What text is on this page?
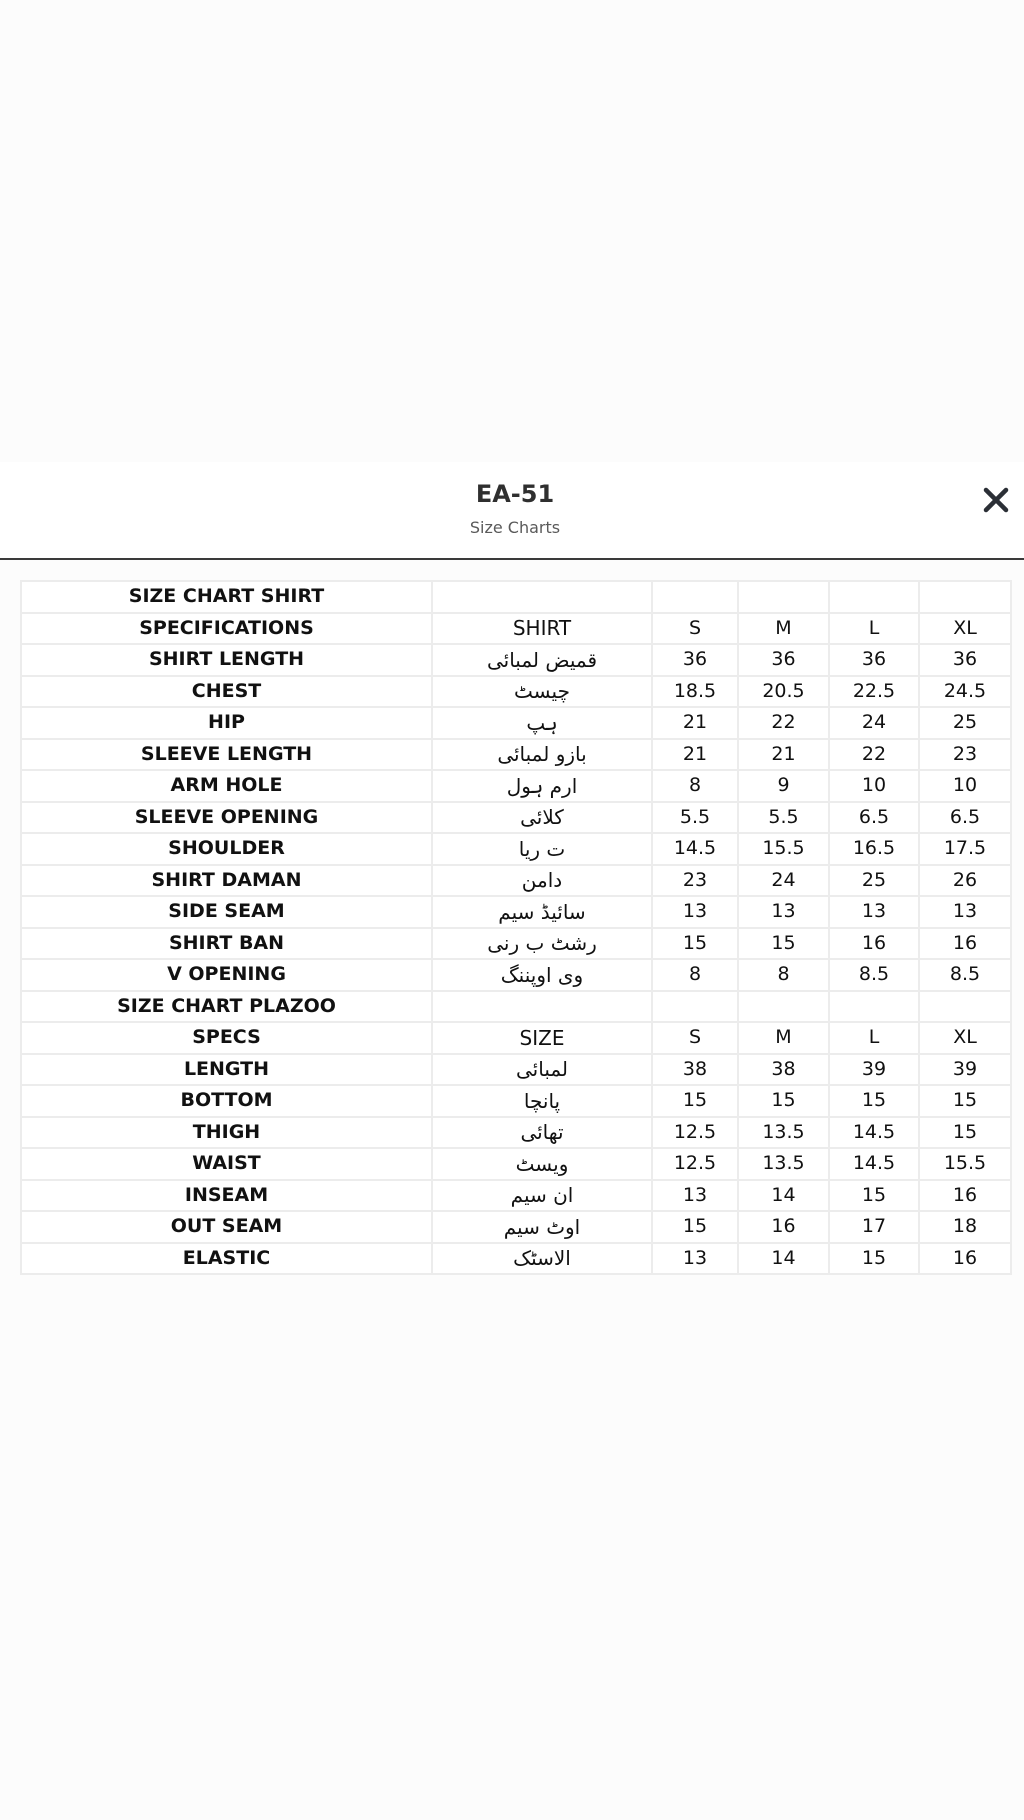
EA-51
Size Charts
SIZE CHART SHIRT					
SPECIFICATIONS	SHIRT	S	M	L	XL
SHIRT LENGTH	قمیض لمبائی	36	36	36	36
CHEST	چیسٹ	18.5	20.5	22.5	24.5
HIP	ہپ	21	22	24	25
SLEEVE LENGTH	بازو لمبائی	21	21	22	23
ARM HOLE	ارم ہول	8	9	10	10
SLEEVE OPENING	کلائی	5.5	5.5	6.5	6.5
SHOULDER	ت ریا	14.5	15.5	16.5	17.5
SHIRT DAMAN	دامن	23	24	25	26
SIDE SEAM	سائیڈ سیم	13	13	13	13
SHIRT BAN	رشٹ ب رنی	15	15	16	16
V OPENING	وی اوپننگ	8	8	8.5	8.5
SIZE CHART PLAZOO					
SPECS	SIZE	S	M	L	XL
LENGTH	لمبائی	38	38	39	39
BOTTOM	پانچا	15	15	15	15
THIGH	تھائی	12.5	13.5	14.5	15
WAIST	ویسٹ	12.5	13.5	14.5	15.5
INSEAM	ان سیم	13	14	15	16
OUT SEAM	اوٹ سیم	15	16	17	18
ELASTIC	الاسٹک	13	14	15	16
